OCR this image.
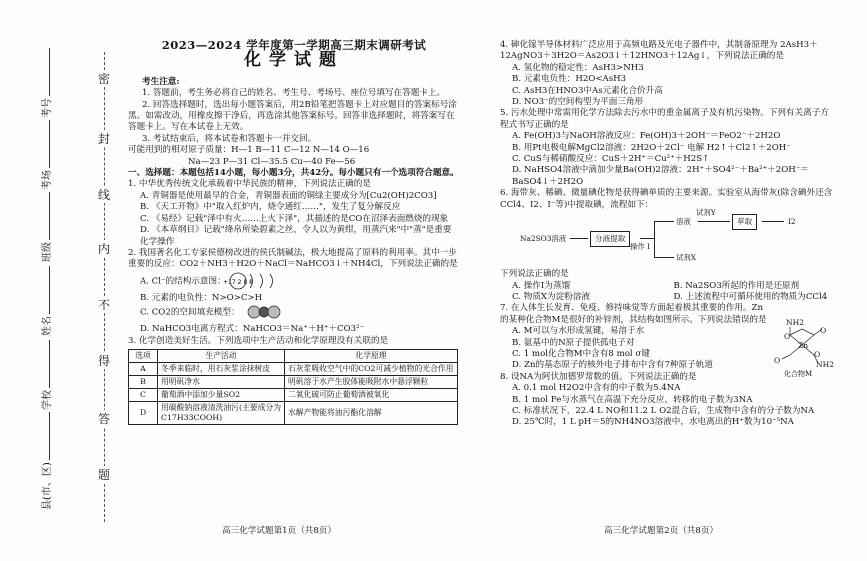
密
封
线
内
不
得
答
题
考号
考场
班级
姓名
学校
县(市、区)
2023—2024 学年度第一学期高三期末调研考试
化学试题

考生注意:

1. 答题前，考生务必将自己的姓名、考生号、考场号、座位号填写在答题卡上。

2. 回答选择题时，选出每小题答案后，用2B铅笔把答题卡上对应题目的答案标号涂黑。如需改动，用橡皮擦干净后，再选涂其他答案标号。回答非选择题时，将答案写在答题卡上。写在本试卷上无效。

3. 考试结束后，将本试卷和答题卡一并交回。

可能用到的相对原子质量：H—1 B—11 C—12 N—14 O—16

Na—23 P—31 Cl—35.5 Cu—40 Fe—56

一、选择题：本题包括14小题，每小题3分，共42分。每小题只有一个选项符合题意。

1. 中华优秀传统文化承载着中华民族的精神，下列说法正确的是

A. 青铜器是使用最早的合金，青铜器表面的铜绿主要成分为[Cu2(OH)2CO3]

B. 《天工开物》中"取入红炉内，烧令通红……"，发生了复分解反应

C. 《易经》记载"泽中有火……上火下泽"，其描述的是CO在沼泽表面燃烧的现象

D. 《本草纲目》记载"绛帛所染碧素之丝，令人以为黄绀，用蒸汽来"中"蒸"是重要化学操作

2. 我国著名化工专家侯德榜改进的侯氏制碱法，极大地提高了原料的利用率。其中一步重要的反应：CO2＋NH3＋H2O＋NaCl＝NaHCO3↓＋NH4Cl，下列说法正确的是

A. Cl⁻的结构示意图：
+17 2 8 8

B. 元素的电负性：N>O>C>H

C. CO2的空间填充模型：

D. NaHCO3电离方程式：NaHCO3＝Na⁺＋H⁺＋CO3²⁻

3. 化学创造美好生活。下列选项中生产活动和化学原理没有关联的是

选项	生产活动	化学原理
A	冬季来临时，用石灰浆涂抹树皮	石灰浆吸收空气中的CO2可减少植物的光合作用
B	用明矾净水	明矾溶于水产生胶体能吸附水中悬浮颗粒
C	葡萄酒中添加少量SO2	二氧化硫可防止葡萄酒被氧化
D	用碳酸钠溶液清洗油污(主要成分为C17H33COOH)	水解产物能将油污酯化溶解
高三化学试题第1页（共8页）

4. 砷化镓半导体材料广泛应用于高频电路及光电子器件中，其制备原理为 2AsH3＋12AgNO3＋3H2O＝As2O3↓＋12HNO3＋12Ag↓，下列说法正确的是

A. 氢化物的稳定性：AsH3>NH3

B. 元素电负性：H2O<AsH3

C. AsH3在HNO3中As元素化合价升高

D. NO3⁻的空间构型为平面三角形

5. 污水处理中常需用化学方法除去污水中的重金属离子及有机污染物。下列有关离子方程式书写正确的是

A. Fe(OH)3与NaOH溶液反应：Fe(OH)3＋2OH⁻＝FeO2⁻＋2H2O

B. 用Pt电极电解MgCl2溶液：2H2O＋2Cl⁻ 电解 H2↑＋Cl2↑＋2OH⁻

C. CuS与稀硝酸反应：CuS＋2H⁺＝Cu²⁺＋H2S↑

D. NaHSO4溶液中滴加少量Ba(OH)2溶液：2H⁺＋SO4²⁻＋Ba²⁺＋2OH⁻＝BaSO4↓＋2H2O

6. 海带灰、稀碘、微量碘化物是获得碘单质的主要来源。实验室从海带灰(除含碘外还含CCl4、I2、I⁻等)中提取碘，流程如下：

Na2SO3溶液	分液提取
操作 I
溶液
试剂Y
萃取	I2
试剂X

下列说法正确的是

A. 操作I为蒸馏	B. Na2SO3所起的作用是还原剂
C. 物质X为淀粉溶液	D. 上述流程中可循环使用的物质为CCl4

7. 在人体生长发育、免疫、修持味觉等方面起着极其重要的作用。Zn的某种化合物M是很好的补锌剂，其结构如图所示。下列说法错误的是

A. M可以与水形成氢键，易溶于水

B. 氨基中的N原子提供孤电子对

C. 1 mol化合物M中含有8 mol σ键

D. Zn的基态原子的核外电子排布中含有7种原子轨道

NH2
O
Zn
O
NH2
O
O
化合物M

8. 设NA为阿伏加德罗常数的值。下列说法正确的是

A. 0.1 mol H2O2中含有的中子数为5.4NA

B. 1 mol Fe与水蒸气在高温下充分反应，转移的电子数为3NA

C. 标准状况下，22.4 L NO和11.2 L O2混合后，生成物中含有的分子数为NA

D. 25℃时，1 L pH＝5的NH4NO3溶液中，水电离出的H⁺数为10⁻⁵NA

高三化学试题第2页（共8页）
